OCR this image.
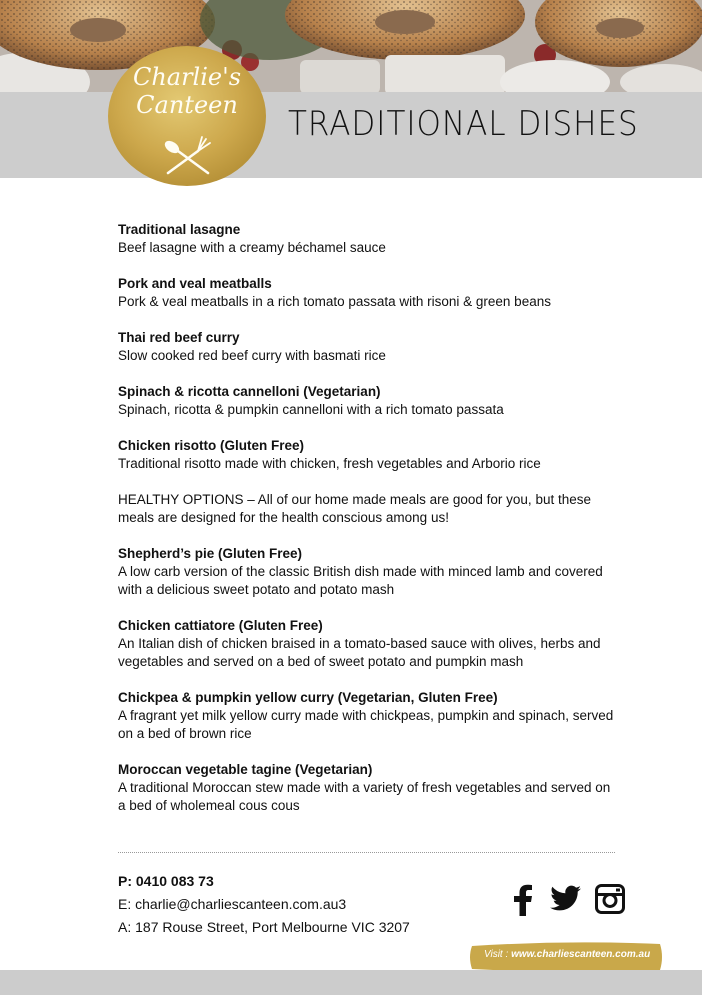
TRADITIONAL DISHES
Charlie's
Canteen
Traditional lasagne
Beef lasagne with a creamy béchamel sauce
Pork and veal meatballs
Pork & veal meatballs in a rich tomato passata with risoni & green beans
Thai red beef curry
Slow cooked red beef curry with basmati rice
Spinach & ricotta cannelloni (Vegetarian)
Spinach, ricotta & pumpkin cannelloni with a rich tomato passata
Chicken risotto (Gluten Free)
Traditional risotto made with chicken, fresh vegetables and Arborio rice
HEALTHY OPTIONS – All of our home made meals are good for you, but these meals are designed for the health conscious among us!
Shepherd’s pie (Gluten Free)
A low carb version of the classic British dish made with minced lamb and covered with a delicious sweet potato and potato mash
Chicken cattiatore (Gluten Free)
An Italian dish of chicken braised in a tomato-based sauce with olives, herbs and vegetables and served on a bed of sweet potato and pumpkin mash
Chickpea & pumpkin yellow curry (Vegetarian, Gluten Free)
A fragrant yet milk yellow curry made with chickpeas, pumpkin and spinach, served on a bed of brown rice
Moroccan vegetable tagine (Vegetarian)
A traditional Moroccan stew made with a variety of fresh vegetables and served on a bed of wholemeal cous cous
P: 0410 083 73
E: charlie@charliescanteen.com.au3
A: 187 Rouse Street, Port Melbourne VIC 3207
Visit : www.charliescanteen.com.au
